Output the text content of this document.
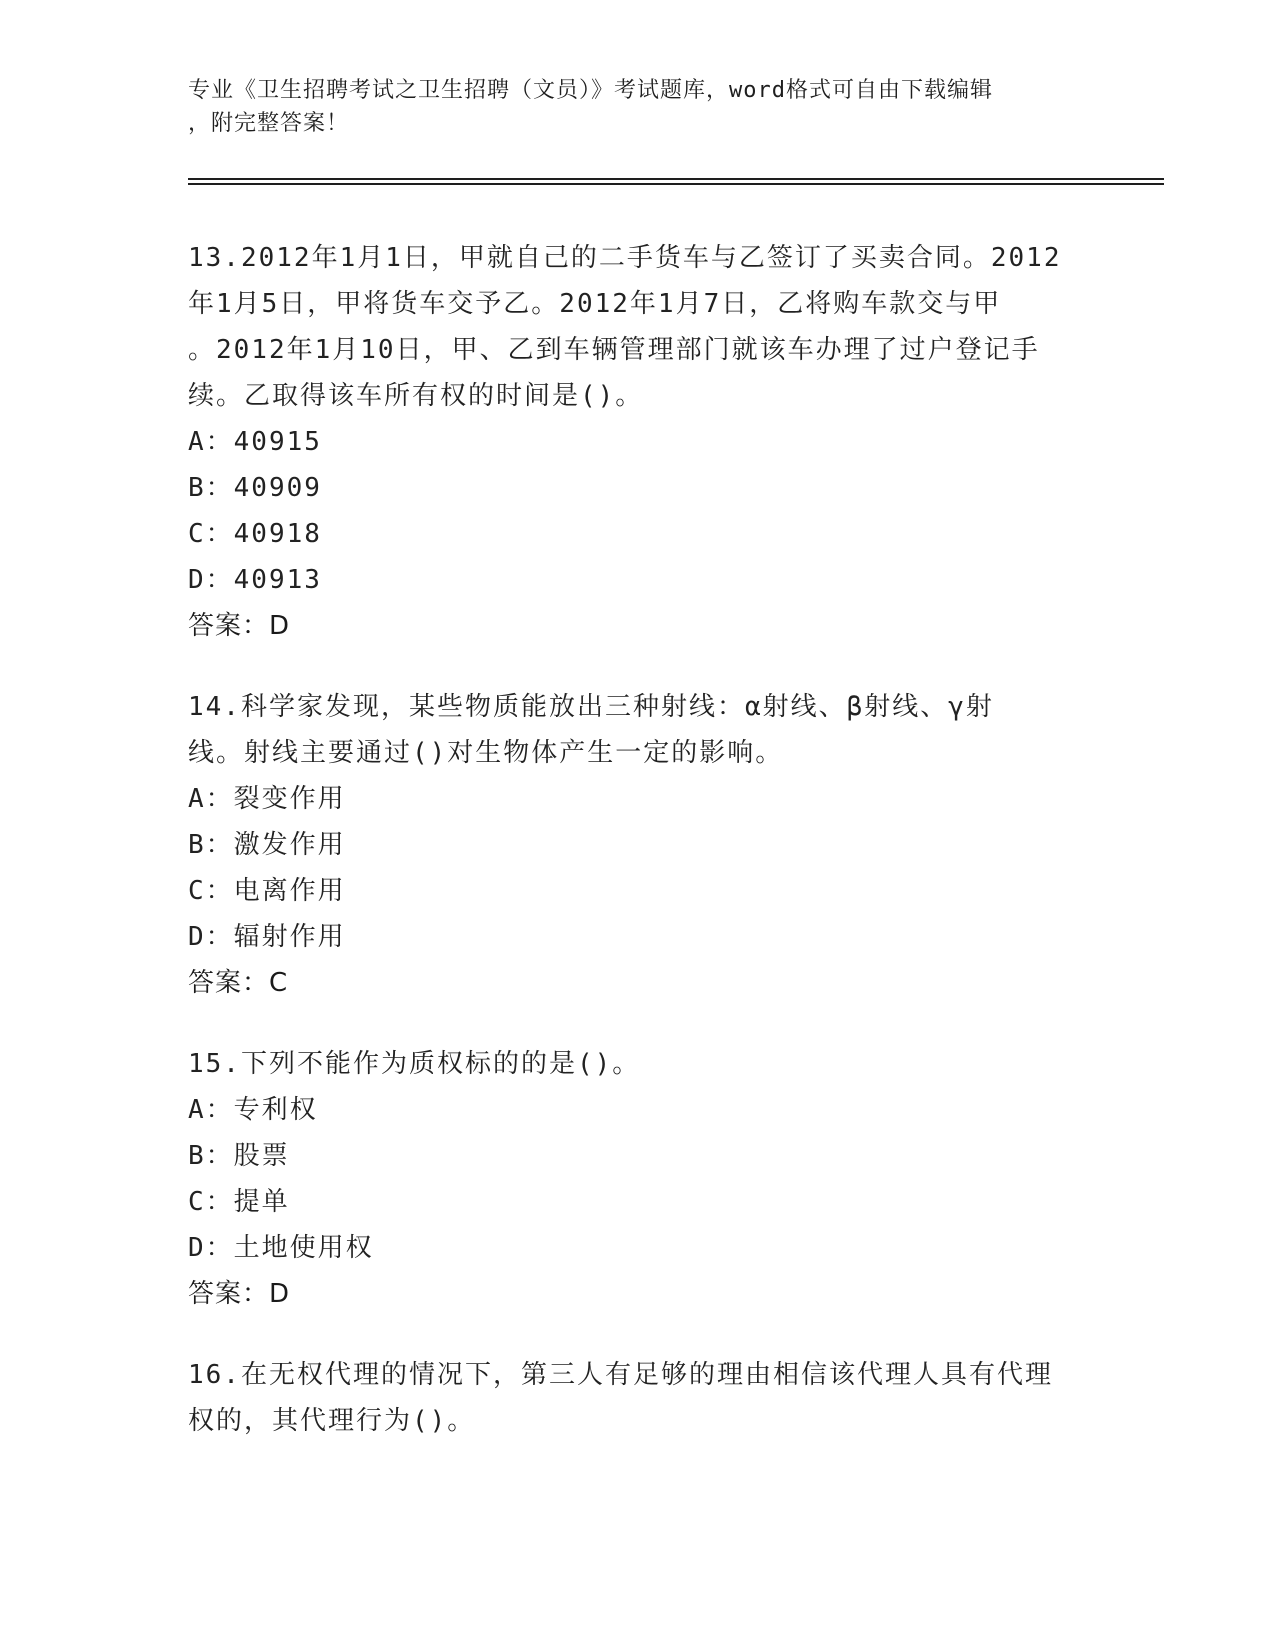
专业《卫生招聘考试之卫生招聘（文员）》考试题库，word格式可自由下载编辑
，附完整答案！
13.2012年1月1日，甲就自己的二手货车与乙签订了买卖合同。2012
年1月5日，甲将货车交予乙。2012年1月7日，乙将购车款交与甲
。2012年1月10日，甲、乙到车辆管理部门就该车办理了过户登记手
续。乙取得该车所有权的时间是()。
A：40915
B：40909
C：40918
D：40913
答案：D
14.科学家发现，某些物质能放出三种射线：α射线、β射线、γ射
线。射线主要通过()对生物体产生一定的影响。
A：裂变作用
B：激发作用
C：电离作用
D：辐射作用
答案：C
15.下列不能作为质权标的的是()。
A：专利权
B：股票
C：提单
D：土地使用权
答案：D
16.在无权代理的情况下，第三人有足够的理由相信该代理人具有代理
权的，其代理行为()。
